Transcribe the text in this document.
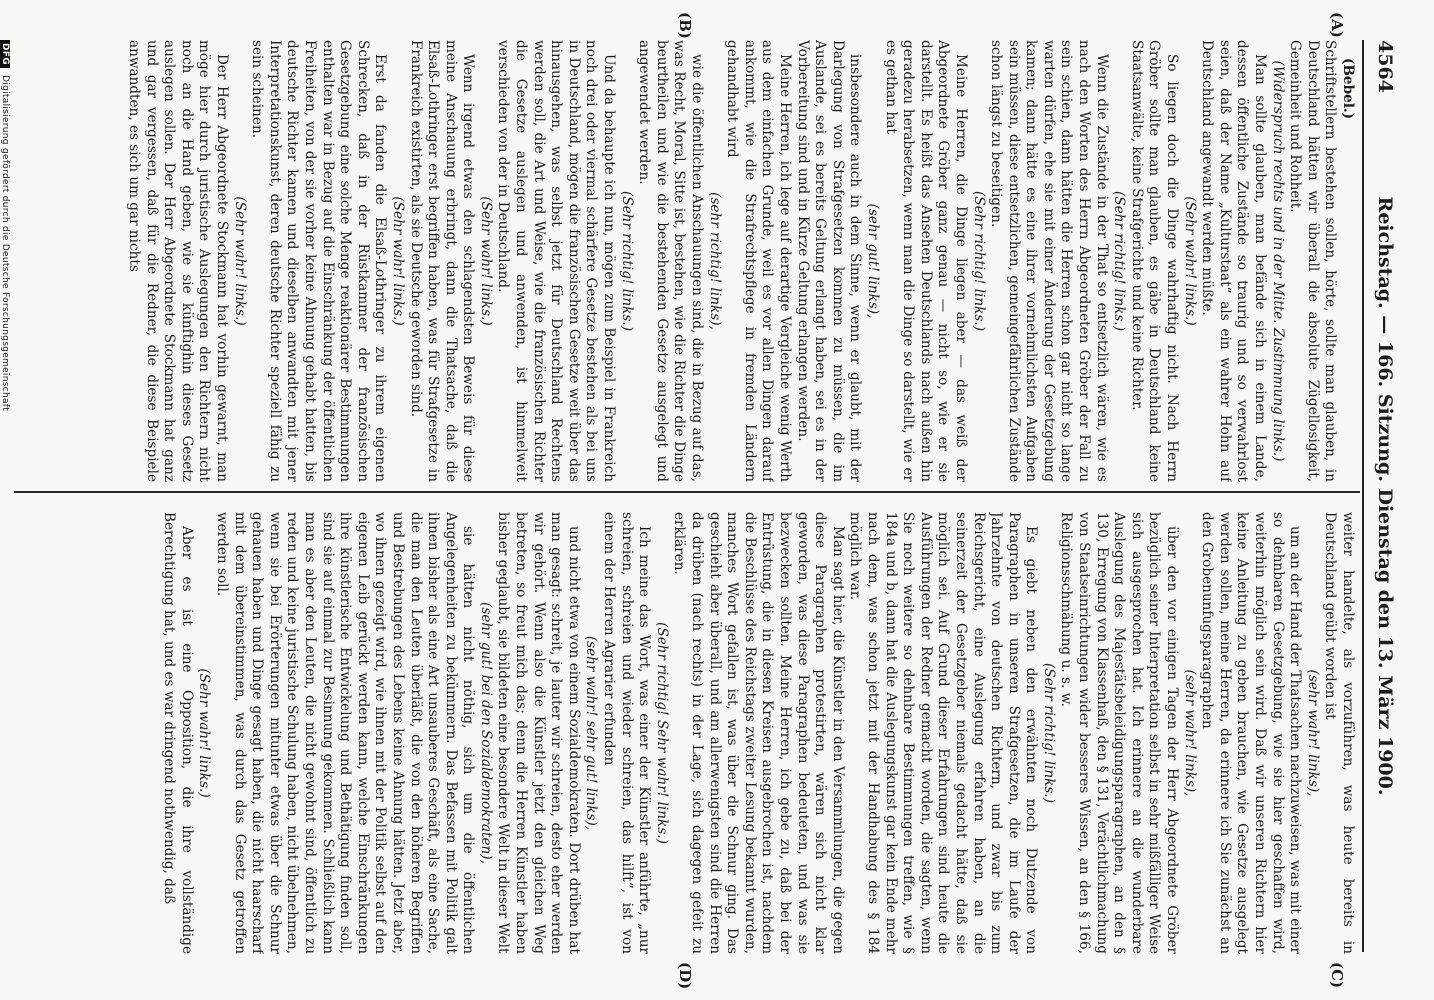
4564
Reichstag. — 166. Sitzung. Dienstag den 13. März 1900.

(Bebel.)

Schriftstellern bestehen sollen, hörte, sollte man glauben, in Deutschland hätten wir überall die absolute Zügellosigkeit, Gemeinheit und Rohheit.

(Widerspruch rechts und in der Mitte. Zustimmung links.)

Man sollte glauben, man befände sich in einem Lande, dessen öffentliche Zustände so traurig und so verwahrlost seien, daß der Name „Kulturstaat“ als ein wahrer Hohn auf Deutschland angewandt werden müßte.

(Sehr wahr! links.)

So liegen doch die Dinge wahrhaftig nicht. Nach Herrn Gröber sollte man glauben, es gäbe in Deutschland keine Staatsanwälte, keine Strafgerichte und keine Richter.

(Sehr richtig! links.)

Wenn die Zustände in der That so entsetzlich wären, wie es nach den Worten des Herrn Abgeordneten Gröber der Fall zu sein schien, dann hätten die Herren schon gar nicht so lange warten dürfen, ehe sie mit einer Änderung der Gesetzgebung kamen; dann hätte es eine ihrer vornehmlichsten Aufgaben sein müssen, diese entsetzlichen, gemeingefährlichen Zustände schon längst zu beseitigen.

(Sehr richtig! links.)

Meine Herren, die Dinge liegen aber — das weiß der Abgeordnete Gröber ganz genau — nicht so, wie er sie darstellt. Es heißt das Ansehen Deutschlands nach außen hin geradezu herabsetzen, wenn man die Dinge so darstellt, wie er es gethan hat

(sehr gut! links),

insbesondere auch in dem Sinne, wenn er glaubt, mit der Darlegung von Strafgesetzen kommen zu müssen, die im Auslande, sei es bereits Geltung erlangt haben, sei es in der Vorbereitung sind und in Kürze Geltung erlangen werden.

Meine Herren, ich lege auf derartige Vergleiche wenig Werth aus dem einfachen Grunde, weil es vor allen Dingen darauf ankommt, wie die Strafrechtspflege in fremden Ländern gehandhabt wird

(sehr richtig! links),

wie die öffentlichen Anschauungen sind, die in Bezug auf das, was Recht, Moral, Sitte ist, bestehen, wie die Richter die Dinge beurtheilen und wie die bestehenden Gesetze ausgelegt und angewendet werden.

(Sehr richtig! links.)

Und da behaupte ich nun, mögen zum Beispiel in Frankreich noch drei oder viermal schärfere Gesetze bestehen als bei uns in Deutschland, mögen die französischen Gesetze weit über das hinausgehen, was selbst jetzt für Deutschland Rechtens werden soll, die Art und Weise, wie die französischen Richter die Gesetze auslegen und anwenden, ist himmelweit verschieden von der in Deutschland.

(Sehr wahr! links.)

Wenn irgend etwas den schlagendsten Beweis für diese meine Anschauung erbringt, dann die Thatsache, daß die Elsaß-Lothringer erst begriffen haben, was für Strafgesetze in Frankreich existirten, als sie Deutsche geworden sind.

(Sehr wahr! links.)

Erst da fanden die Elsaß-Lothringer zu ihrem eigenen Schrecken, daß in der Rüstkammer der französischen Gesetzgebung eine solche Menge reaktionärer Bestimmungen enthalten war in Bezug auf die Einschränkung der öffentlichen Freiheiten, von der sie vorher keine Ahnung gehabt hatten, bis deutsche Richter kamen und dieselben anwandten mit jener Interpretationskunst, deren deutsche Richter speziell fähig zu sein scheinen.

(Sehr wahr! links.)

Der Herr Abgeordnete Stockmann hat vorhin gewarnt, man möge hier durch juristische Auslegungen den Richtern nicht noch an die Hand geben, wie sie künftighin dieses Gesetz auslegen sollen. Der Herr Abgeordnete Stockmann hat ganz und gar vergessen, daß für die Redner, die diese Beispiele anwandten, es sich um gar nichts

weiter handelte, als vorzuführen, was heute bereits in Deutschland geübt worden ist

(sehr wahr! links),

um an der Hand der Thatsachen nachzuweisen, was mit einer so dehnbaren Gesetzgebung, wie sie hier geschaffen wird, weiterhin möglich sein wird. Daß wir unseren Richtern hier keine Anleitung zu geben brauchen, wie Gesetze ausgelegt werden sollen, meine Herren, da erinnere ich Sie zunächst an den Grobenunfugsparagraphen

(sehr wahr! links),

über den vor einigen Tagen der Herr Abgeordnete Gröber bezüglich seiner Interpretation selbst in sehr mißfälliger Weise sich ausgesprochen hat. Ich erinnere an die wunderbare Auslegung des Majestätsbeleidigungsparagraphen, an den § 130, Erregung von Klassenhaß, den § 131, Verächtlichmachung von Staatseinrichtungen wider besseres Wissen, an den § 166, Religionsschmähung u. s. w.

(Sehr richtig! links.)

Es giebt neben den erwähnten noch Dutzende von Paragraphen in unseren Strafgesetzen, die im Laufe der Jahrzehnte von deutschen Richtern, und zwar bis zum Reichsgericht, eine Auslegung erfahren haben, an die seinerzeit der Gesetzgeber niemals gedacht hätte, daß sie möglich sei. Auf Grund dieser Erfahrungen sind heute die Ausführungen der Redner gemacht worden, die sagten, wenn Sie noch weitere so dehnbare Bestimmungen treffen, wie § 184a und b, dann hat die Auslegungskunst gar kein Ende mehr nach dem, was schon jetzt mit der Handhabung des § 184 möglich war.

Man sagt hier, die Künstler in den Versammlungen, die gegen diese Paragraphen protestirten, wären sich nicht klar geworden, was diese Paragraphen bedeuteten, und was sie bezwecken sollten. Meine Herren, ich gebe zu, daß bei der Entrüstung, die in diesen Kreisen ausgebrochen ist, nachdem die Beschlüsse des Reichstags zweiter Lesung bekannt wurden, manches Wort gefallen ist, was über die Schnur ging. Das geschieht aber überall, und am allerwenigsten sind die Herren da drüben (nach rechts) in der Lage, sich dagegen gefeit zu erklären.

(Sehr richtig! Sehr wahr! links.)

Ich meine das Wort, was einer der Künstler anführte, „nur schreien, schreien und wieder schreien, das hilft“, ist von einem der Herren Agrarier erfunden

(sehr wahr! sehr gut! links),

und nicht etwa von einem Sozialdemokraten. Dort drüben hat man gesagt: schreit, je lauter wir schreien, desto eher werden wir gehört. Wenn also die Künstler jetzt den gleichen Weg betreten, so freut mich das; denn die Herren Künstler haben bisher geglaubt, sie bildeten eine besondere Welt in dieser Welt

(sehr gut! bei den Sozialdemokraten),

sie hätten nicht nöthig, sich um die öffentlichen Angelegenheiten zu bekümmern. Das Befassen mit Politik galt ihnen bisher als eine Art unsauberes Geschäft, als eine Sache, die man den Leuten überläßt, die von den höheren Begriffen und Bestrebungen des Lebens keine Ahnung hätten. Jetzt aber, wo ihnen gezeigt wird, wie ihnen mit der Politik selbst auf den eigenen Leib gerückt werden kann, welche Einschränkungen ihre künstlerische Entwickelung und Bethätigung finden soll, sind sie auf einmal zur Besinnung gekommen. Schließlich kann man es aber den Leuten, die nicht gewohnt sind, öffentlich zu reden und keine juristische Schulung haben, nicht übelnehmen, wenn sie bei Erörterungen mitunter etwas über die Schnur gehauen haben und Dinge gesagt haben, die nicht haarscharf mit dem übereinstimmen, was durch das Gesetz getroffen werden soll.

(Sehr wahr! links.)

Aber es ist eine Opposition, die ihre vollständige Berechtigung hat, und es war dringend nothwendig, daß

(A)
(B)
(C)
(D)
DFG Digitalisierung gefördert durch die Deutsche Forschungsgemeinschaft
